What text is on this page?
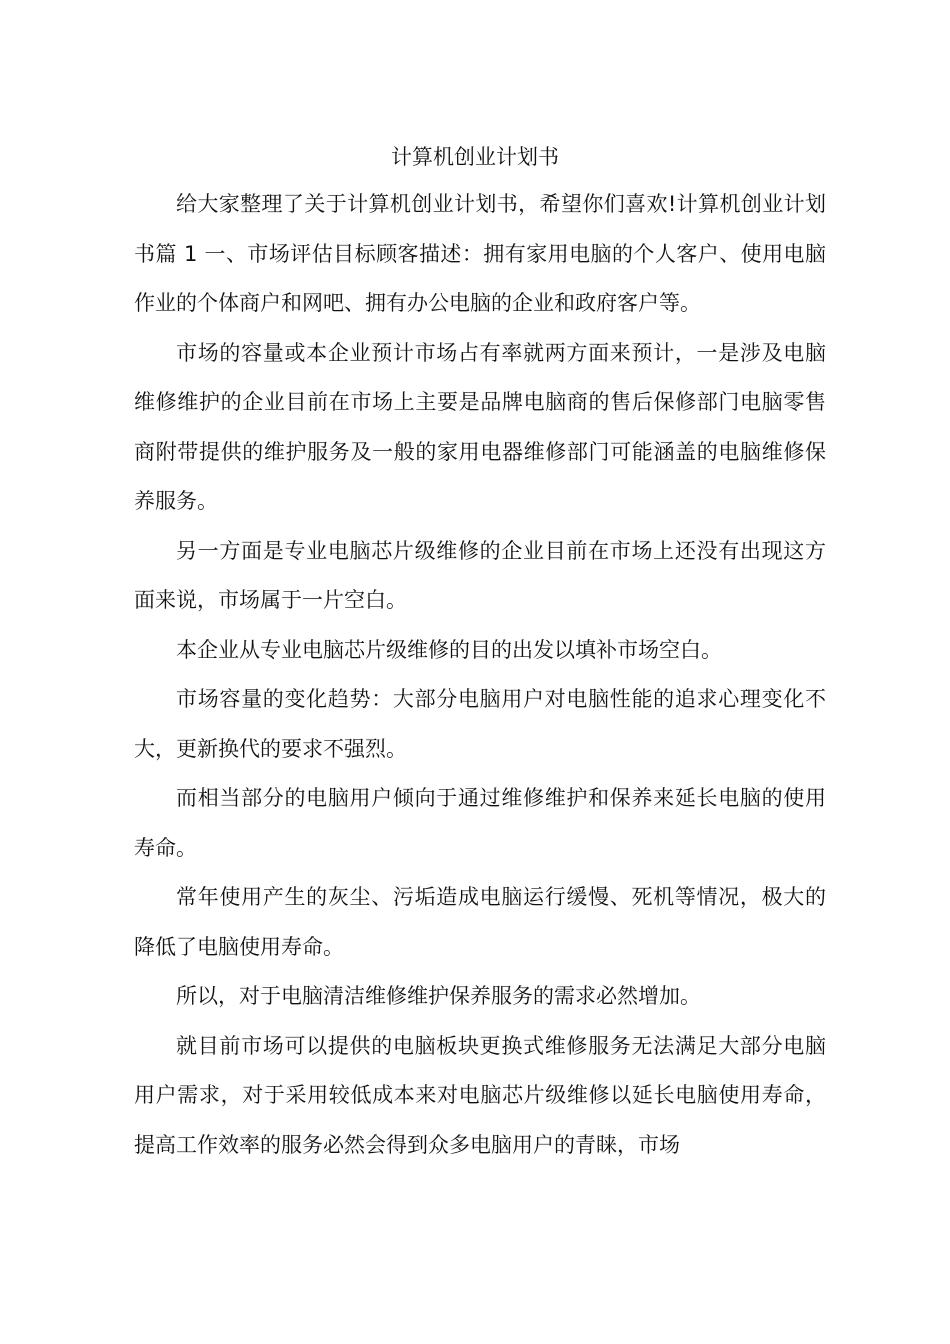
计算机创业计划书

给大家整理了关于计算机创业计划书，希望你们喜欢!计算机创业计划书篇 1 一、市场评估目标顾客描述：拥有家用电脑的个人客户、使用电脑作业的个体商户和网吧、拥有办公电脑的企业和政府客户等。

市场的容量或本企业预计市场占有率就两方面来预计，一是涉及电脑维修维护的企业目前在市场上主要是品牌电脑商的售后保修部门电脑零售商附带提供的维护服务及一般的家用电器维修部门可能涵盖的电脑维修保养服务。

另一方面是专业电脑芯片级维修的企业目前在市场上还没有出现这方面来说，市场属于一片空白。

本企业从专业电脑芯片级维修的目的出发以填补市场空白。

市场容量的变化趋势：大部分电脑用户对电脑性能的追求心理变化不大，更新换代的要求不强烈。

而相当部分的电脑用户倾向于通过维修维护和保养来延长电脑的使用寿命。

常年使用产生的灰尘、污垢造成电脑运行缓慢、死机等情况，极大的降低了电脑使用寿命。

所以，对于电脑清洁维修维护保养服务的需求必然增加。

就目前市场可以提供的电脑板块更换式维修服务无法满足大部分电脑用户需求，对于采用较低成本来对电脑芯片级维修以延长电脑使用寿命，提高工作效率的服务必然会得到众多电脑用户的青睐，市场
